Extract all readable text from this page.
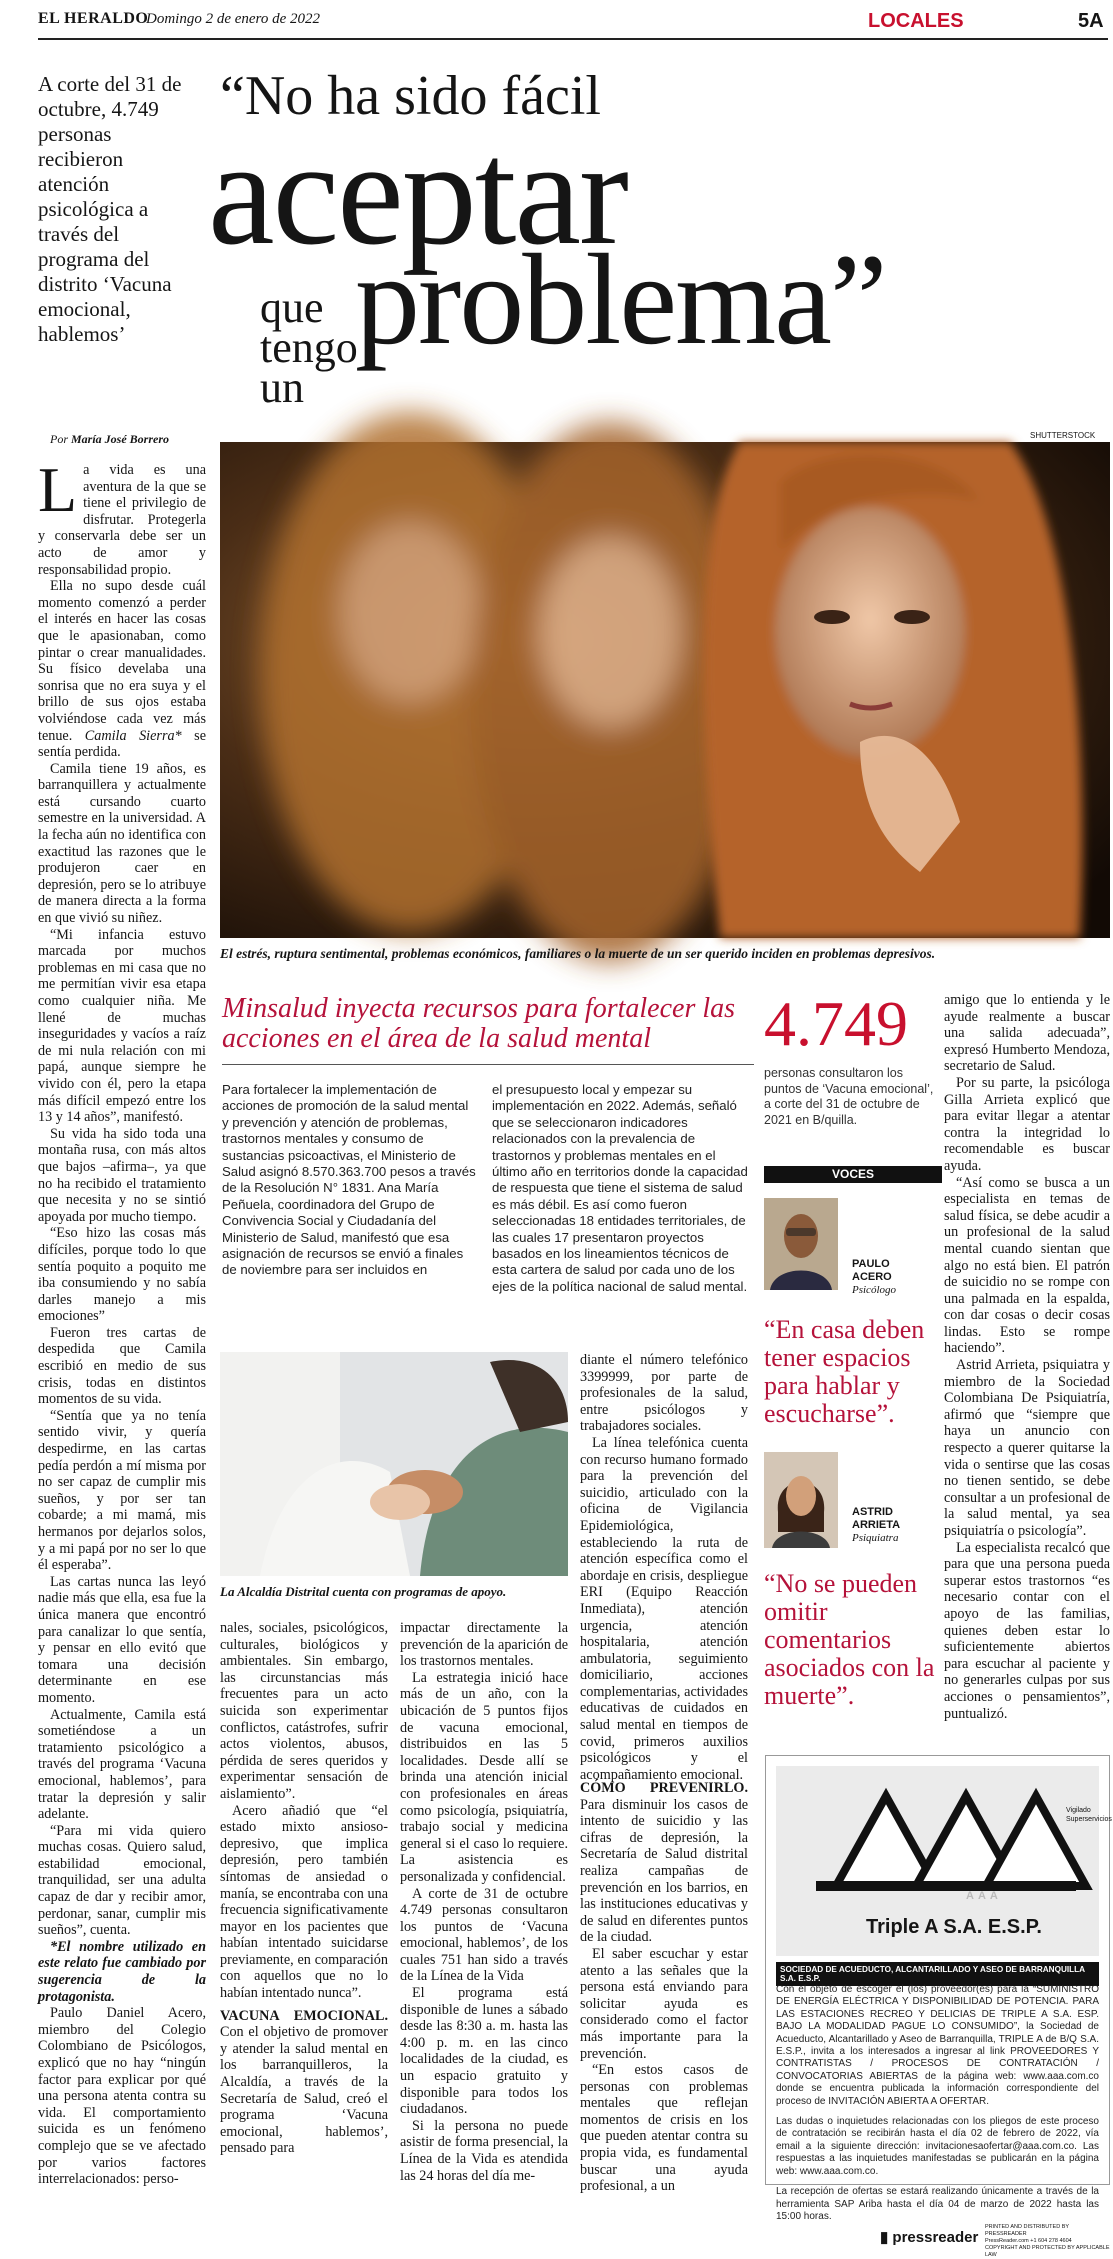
EL HERALDO
Domingo 2 de enero de 2022	LOCALES	5A
A corte del 31 de octubre, 4.749 personas recibieron atención psicológica a través del programa del distrito ‘Vacuna emocional, hablemos’
“No ha sido fácil
aceptar
que
tengo
un
problema”
Por María José Borrero	SHUTTERSTOCK
El estrés, ruptura sentimental, problemas económicos, familiares o la muerte de un ser querido inciden en problemas depresivos.
L a vida es una aventura de la que se tiene el privilegio de disfrutar. Protegerla y conservarla debe ser un acto de amor y responsabilidad propio.

Ella no supo desde cuál momento comenzó a perder el interés en hacer las cosas que le apasionaban, como pintar o crear manualidades. Su físico develaba una sonrisa que no era suya y el brillo de sus ojos estaba volviéndose cada vez más tenue. Camila Sierra* se sentía perdida.

Camila tiene 19 años, es barranquillera y actualmente está cursando cuarto semestre en la universidad. A la fecha aún no identifica con exactitud las razones que le produjeron caer en depresión, pero se lo atribuye de manera directa a la forma en que vivió su niñez.

“Mi infancia estuvo marcada por muchos problemas en mi casa que no me permitían vivir esa etapa como cualquier niña. Me llené de muchas inseguridades y vacíos a raíz de mi nula relación con mi papá, aunque siempre he vivido con él, pero la etapa más difícil empezó entre los 13 y 14 años”, manifestó.

Su vida ha sido toda una montaña rusa, con más altos que bajos –afirma–, ya que no ha recibido el tratamiento que necesita y no se sintió apoyada por mucho tiempo.

“Eso hizo las cosas más difíciles, porque todo lo que sentía poquito a poquito me iba consumiendo y no sabía darles manejo a mis emociones”

Fueron tres cartas de despedida que Camila escribió en medio de sus crisis, todas en distintos momentos de su vida.

“Sentía que ya no tenía sentido vivir, y quería despedirme, en las cartas pedía perdón a mí misma por no ser capaz de cumplir mis sueños, y por ser tan cobarde; a mi mamá, mis hermanos por dejarlos solos, y a mi papá por no ser lo que él esperaba”.

Las cartas nunca las leyó nadie más que ella, esa fue la única manera que encontró para canalizar lo que sentía, y pensar en ello evitó que tomara una decisión determinante en ese momento.

Actualmente, Camila está sometiéndose a un tratamiento psicológico a través del programa ‘Vacuna emocional, hablemos’, para tratar la depresión y salir adelante.

“Para mi vida quiero muchas cosas. Quiero salud, estabilidad emocional, tranquilidad, ser una adulta capaz de dar y recibir amor, perdonar, sanar, cumplir mis sueños”, cuenta.

*El nombre utilizado en este relato fue cambiado por sugerencia de la protagonista.

Paulo Daniel Acero, miembro del Colegio Colombiano de Psicólogos, explicó que no hay “ningún factor para explicar por qué una persona atenta contra su vida. El comportamiento suicida es un fenómeno complejo que se ve afectado por varios factores interrelacionados: perso-

Minsalud inyecta recursos para fortalecer las acciones en el área de la salud mental
Para fortalecer la implementación de acciones de promoción de la salud mental y prevención y atención de problemas, trastornos mentales y consumo de sustancias psicoactivas, el Ministerio de Salud asignó 8.570.363.700 pesos a través de la Resolución N° 1831. Ana María Peñuela, coordinadora del Grupo de Convivencia Social y Ciudadanía del Ministerio de Salud, manifestó que esa asignación de recursos se envió a finales de noviembre para ser incluidos en
el presupuesto local y empezar su implementación en 2022. Además, señaló que se seleccionaron indicadores relacionados con la prevalencia de trastornos y problemas mentales en el último año en territorios donde la capacidad de respuesta que tiene el sistema de salud es más débil. Es así como fueron seleccionadas 18 entidades territoriales, de las cuales 17 presentaron proyectos basados en los lineamientos técnicos de esta cartera de salud por cada uno de los ejes de la política nacional de salud mental.
4.749
personas consultaron los puntos de ‘Vacuna emocional’, a corte del 31 de octubre de 2021 en B/quilla.
VOCES
PAULO
ACERO
Psicólogo
“En casa deben tener espacios para hablar y escucharse”.
ASTRID
ARRIETA
Psiquiatra
“No se pueden omitir comentarios asociados con la muerte”.
La Alcaldía Distrital cuenta con programas de apoyo.

nales, sociales, psicológicos, culturales, biológicos y ambientales. Sin embargo, las circunstancias más frecuentes para un acto suicida son experimentar conflictos, catástrofes, sufrir actos violentos, abusos, pérdida de seres queridos y experimentar sensación de aislamiento”.

Acero añadió que “el estado mixto ansioso-depresivo, que implica depresión, pero también síntomas de ansiedad o manía, se encontraba con una frecuencia significativamente mayor en los pacientes que habían intentado suicidarse previamente, en comparación con aquellos que no lo habían intentado nunca”.

VACUNA EMOCIONAL. Con el objetivo de promover y atender la salud mental en los barranquilleros, la Alcaldía, a través de la Secretaría de Salud, creó el programa ‘Vacuna emocional, hablemos’, pensado para

impactar directamente la prevención de la aparición de los trastornos mentales.

La estrategia inició hace más de un año, con la ubicación de 5 puntos fijos de vacuna emocional, distribuidos en las 5 localidades. Desde allí se brinda una atención inicial con profesionales en áreas como psicología, psiquiatría, trabajo social y medicina general si el caso lo requiere. La asistencia es personalizada y confidencial.

A corte de 31 de octubre 4.749 personas consultaron los puntos de ‘Vacuna emocional, hablemos’, de los cuales 751 han sido a través de la Línea de la Vida

El programa está disponible de lunes a sábado desde las 8:30 a. m. hasta las 4:00 p. m. en las cinco localidades de la ciudad, es un espacio gratuito y disponible para todos los ciudadanos.

Si la persona no puede asistir de forma presencial, la Línea de la Vida es atendida las 24 horas del día me-

diante el número telefónico 3399999, por parte de profesionales de la salud, entre psicólogos y trabajadores sociales.

La línea telefónica cuenta con recurso humano formado para la prevención del suicidio, articulado con la oficina de Vigilancia Epidemiológica, estableciendo la ruta de atención específica como el abordaje en crisis, despliegue ERI (Equipo Reacción Inmediata), atención urgencia, atención hospitalaria, atención ambulatoria, seguimiento domiciliario, acciones complementarias, actividades educativas de cuidados en salud mental en tiempos de covid, primeros auxilios psicológicos y el acompañamiento emocional.

CÓMO PREVENIRLO. Para disminuir los casos de intento de suicidio y las cifras de depresión, la Secretaría de Salud distrital realiza campañas de prevención en los barrios, en las instituciones educativas y de salud en diferentes puntos de la ciudad.

El saber escuchar y estar atento a las señales que la persona está enviando para solicitar ayuda es considerado como el factor más importante para la prevención.

“En estos casos de personas con problemas mentales que reflejan momentos de crisis en los que pueden atentar contra su propia vida, es fundamental buscar una ayuda profesional, a un

amigo que lo entienda y le ayude realmente a buscar una salida adecuada”, expresó Humberto Mendoza, secretario de Salud.

Por su parte, la psicóloga Gilla Arrieta explicó que para evitar llegar a atentar contra la integridad lo recomendable es buscar ayuda.

“Así como se busca a un especialista en temas de salud física, se debe acudir a un profesional de la salud mental cuando sientan que algo no está bien. El patrón de suicidio no se rompe con una palmada en la espalda, con dar cosas o decir cosas lindas. Esto se rompe haciendo”.

Astrid Arrieta, psiquiatra y miembro de la Sociedad Colombiana De Psiquiatría, afirmó que “siempre que haya un anuncio con respecto a querer quitarse la vida o sentirse que las cosas no tienen sentido, se debe consultar a un profesional de la salud mental, ya sea psiquiatría o psicología”.

La especialista recalcó que para que una persona pueda superar estos trastornos “es necesario contar con el apoyo de las familias, quienes deben estar lo suficientemente abiertos para escuchar al paciente y no generarles culpas por sus acciones o pensamientos”, puntualizó.

AAA
Triple A S.A. E.S.P.
Vigilado Superservicios
SOCIEDAD DE ACUEDUCTO, ALCANTARILLADO Y ASEO DE BARRANQUILLA S.A. E.S.P.

Con el objeto de escoger el (los) proveedor(es) para la “SUMINISTRO DE ENERGÍA ELÉCTRICA Y DISPONIBILIDAD DE POTENCIA. PARA LAS ESTACIONES RECREO Y DELICIAS DE TRIPLE A S.A. ESP. BAJO LA MODALIDAD PAGUE LO CONSUMIDO”, la Sociedad de Acueducto, Alcantarillado y Aseo de Barranquilla, TRIPLE A de B/Q S.A. E.S.P., invita a los interesados a ingresar al link PROVEEDORES Y CONTRATISTAS / PROCESOS DE CONTRATACIÓN / CONVOCATORIAS ABIERTAS de la página web: www.aaa.com.co donde se encuentra publicada la información correspondiente del proceso de INVITACIÓN ABIERTA A OFERTAR.

Las dudas o inquietudes relacionadas con los pliegos de este proceso de contratación se recibirán hasta el día 02 de febrero de 2022, vía email a la siguiente dirección: invitacionesaofertar@aaa.com.co. Las respuestas a las inquietudes manifestadas se publicarán en la página web: www.aaa.com.co.

La recepción de ofertas se estará realizando únicamente a través de la herramienta SAP Ariba hasta el día 04 de marzo de 2022 hasta las 15:00 horas.

▮ pressreader
PRINTED AND DISTRIBUTED BY PRESSREADER
PressReader.com +1 604 278 4604
COPYRIGHT AND PROTECTED BY APPLICABLE LAW
